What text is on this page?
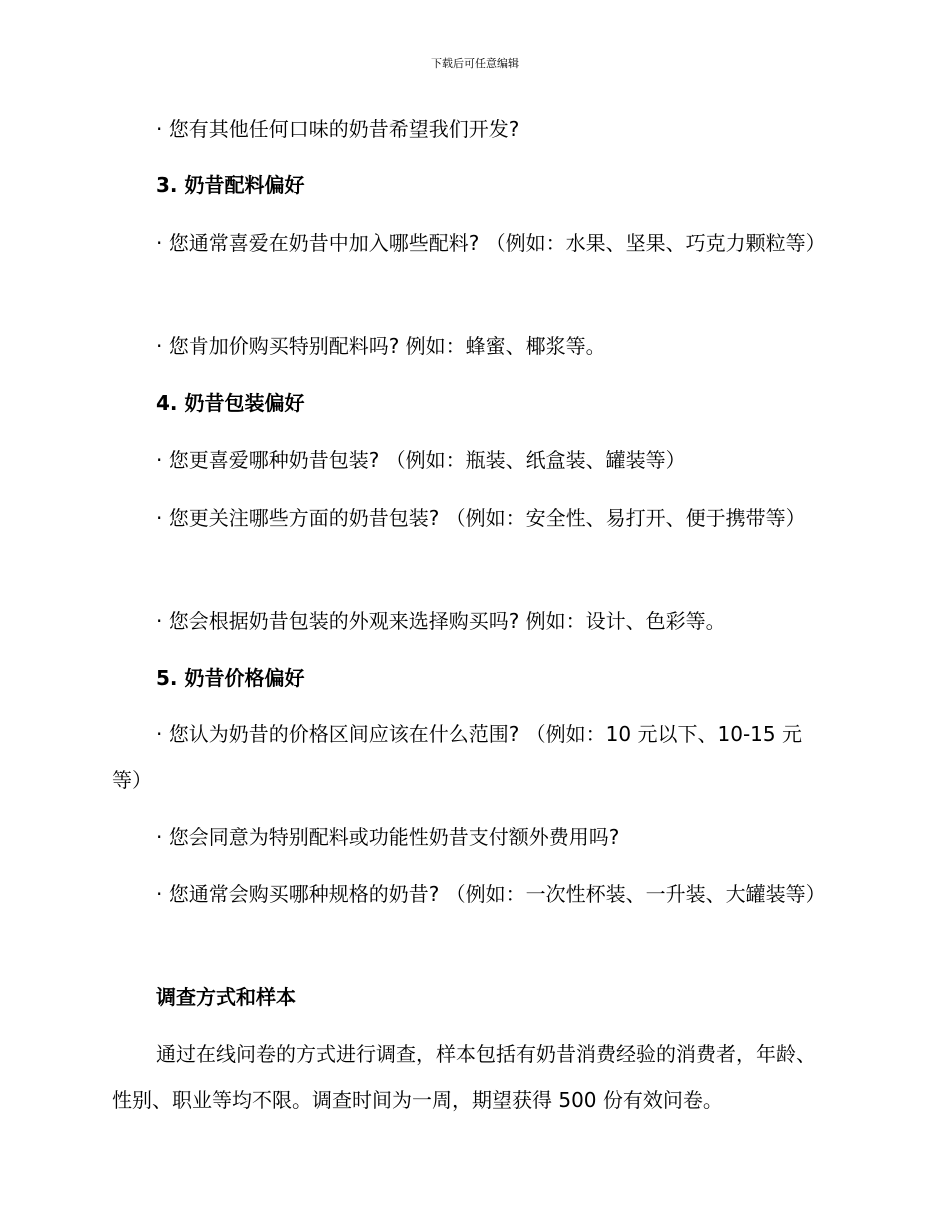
下载后可任意编辑

· 您有其他任何口味的奶昔希望我们开发?

3. 奶昔配料偏好

· 您通常喜爱在奶昔中加入哪些配料? （例如：水果、坚果、巧克力颗粒等）

· 您肯加价购买特别配料吗? 例如：蜂蜜、椰浆等。

4. 奶昔包装偏好

· 您更喜爱哪种奶昔包装? （例如：瓶装、纸盒装、罐装等）

· 您更关注哪些方面的奶昔包装? （例如：安全性、易打开、便于携带等）

· 您会根据奶昔包装的外观来选择购买吗? 例如：设计、色彩等。

5. 奶昔价格偏好

· 您认为奶昔的价格区间应该在什么范围? （例如：10 元以下、10-15 元等）

· 您会同意为特别配料或功能性奶昔支付额外费用吗?

· 您通常会购买哪种规格的奶昔? （例如：一次性杯装、一升装、大罐装等）

调查方式和样本

通过在线问卷的方式进行调查，样本包括有奶昔消费经验的消费者，年龄、性别、职业等均不限。调查时间为一周，期望获得 500 份有效问卷。
